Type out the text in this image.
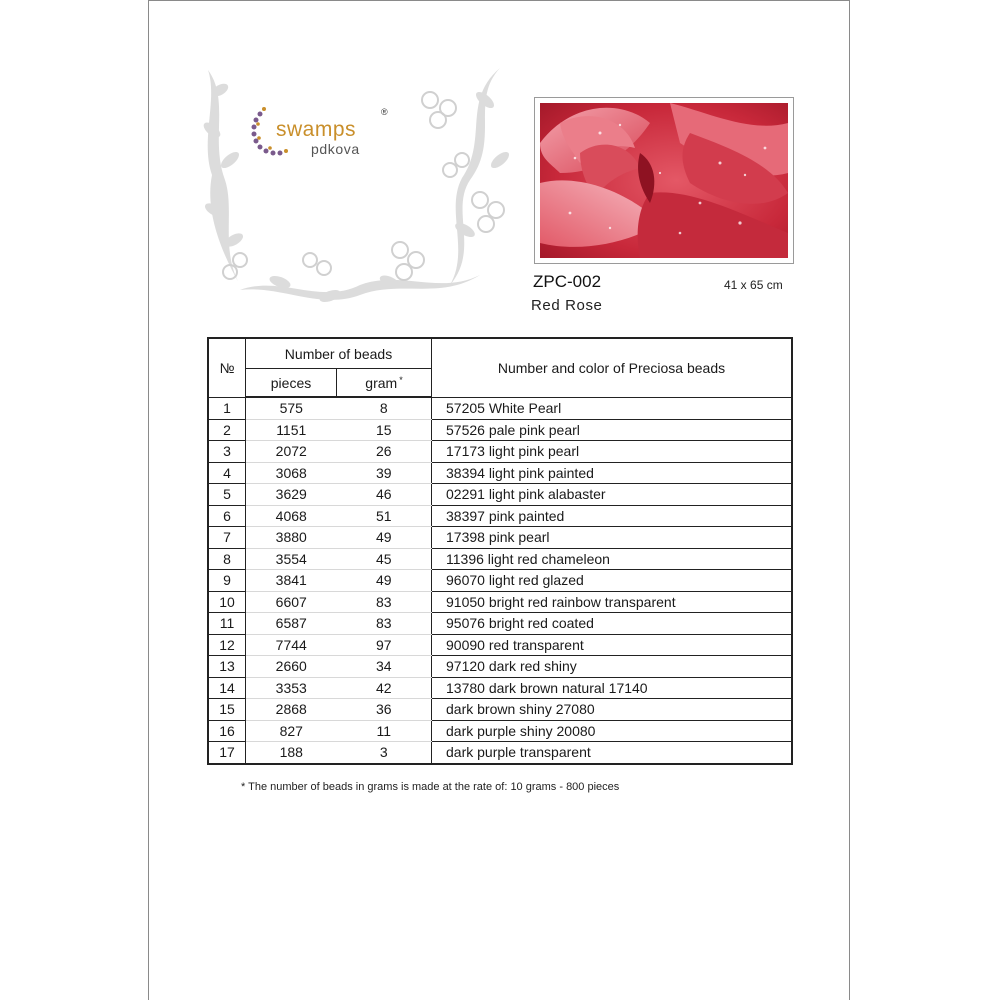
swamps
pdkova
®
ZPC-002	41 x 65 cm
Red Rose
№	Number of beads		Number and color of Preciosa beads
	pieces	gram *
1	575	8	57205 White Pearl
2	1151	15	57526 pale pink pearl
3	2072	26	17173 light pink pearl
4	3068	39	38394 light pink painted
5	3629	46	02291 light pink alabaster
6	4068	51	38397 pink painted
7	3880	49	17398 pink pearl
8	3554	45	11396 light red chameleon
9	3841	49	96070 light red glazed
10	6607	83	91050 bright red rainbow transparent
11	6587	83	95076 bright red coated
12	7744	97	90090 red transparent
13	2660	34	97120 dark red shiny
14	3353	42	13780 dark brown natural 17140
15	2868	36	dark brown shiny 27080
16	827	11	dark purple shiny 20080
17	188	3	dark purple transparent
* The number of beads in grams is made at the rate of: 10 grams - 800 pieces
